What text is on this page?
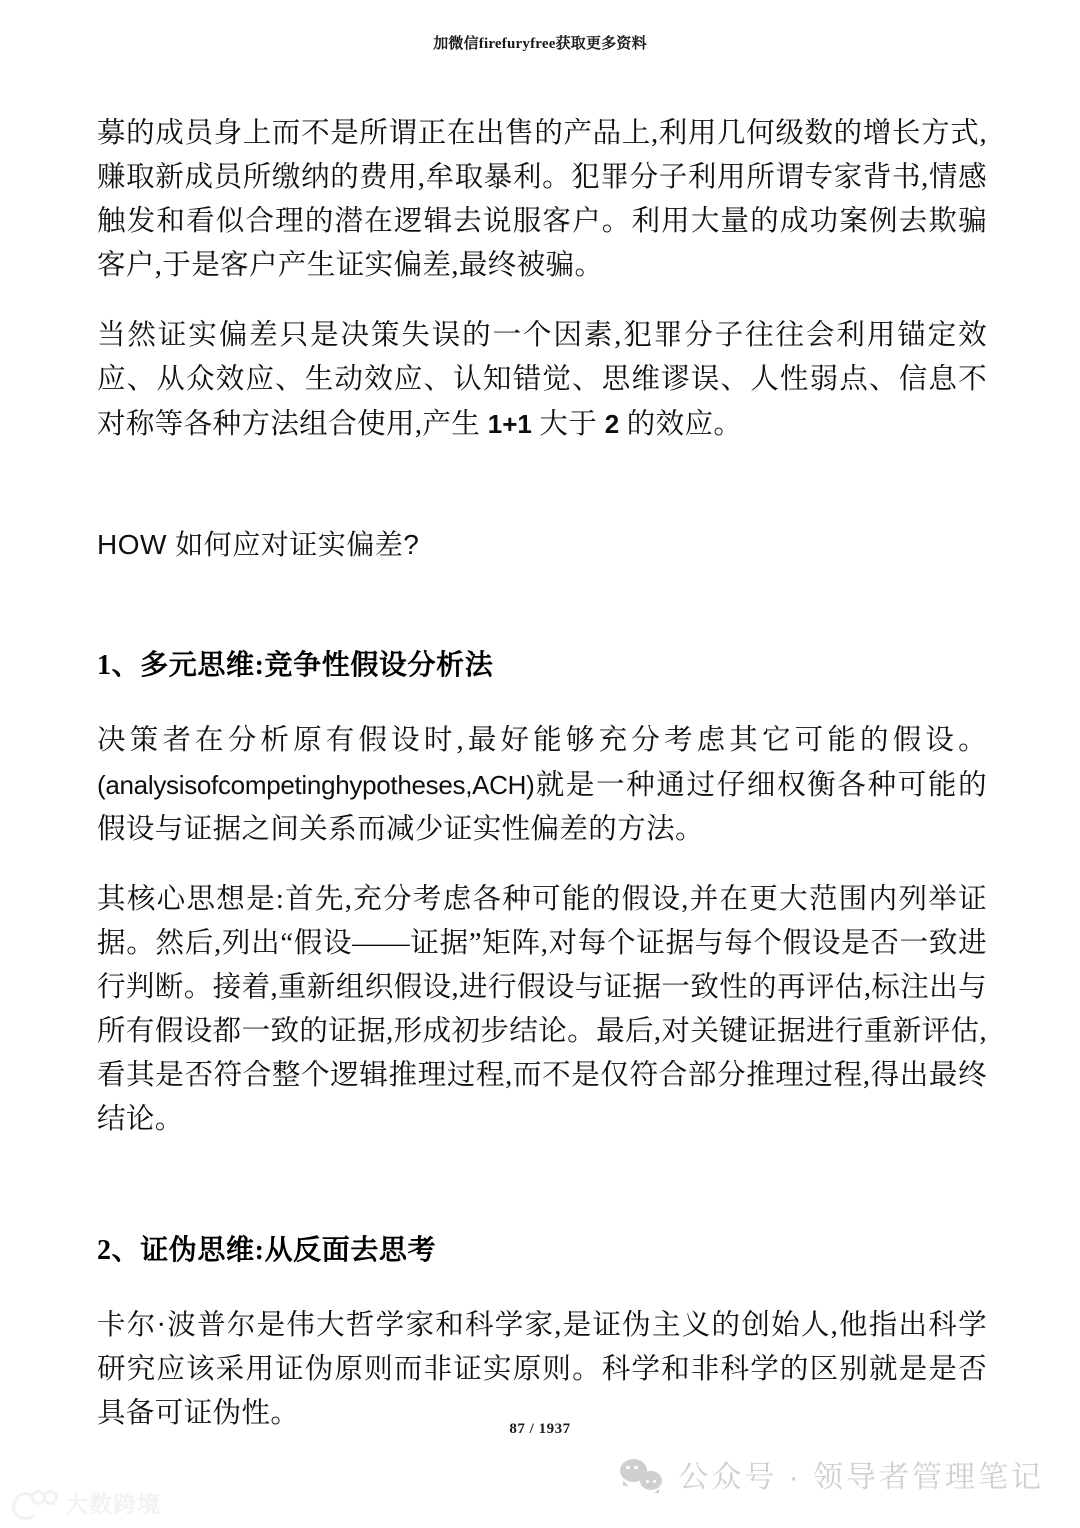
加微信firefuryfree获取更多资料

募的成员身上而不是所谓正在出售的产品上,利用几何级数的增长方式,赚取新成员所缴纳的费用,牟取暴利。犯罪分子利用所谓专家背书,情感触发和看似合理的潜在逻辑去说服客户。利用大量的成功案例去欺骗客户,于是客户产生证实偏差,最终被骗。

当然证实偏差只是决策失误的一个因素,犯罪分子往往会利用锚定效应、从众效应、生动效应、认知错觉、思维谬误、人性弱点、信息不对称等各种方法组合使用,产生 1+1 大于 2 的效应。

HOW 如何应对证实偏差?

1、多元思维:竞争性假设分析法

决策者在分析原有假设时,最好能够充分考虑其它可能的假设。(analysisofcompetinghypotheses,ACH)就是一种通过仔细权衡各种可能的假设与证据之间关系而减少证实性偏差的方法。

其核心思想是:首先,充分考虑各种可能的假设,并在更大范围内列举证据。然后,列出“假设——证据”矩阵,对每个证据与每个假设是否一致进行判断。接着,重新组织假设,进行假设与证据一致性的再评估,标注出与所有假设都一致的证据,形成初步结论。最后,对关键证据进行重新评估,看其是否符合整个逻辑推理过程,而不是仅符合部分推理过程,得出最终结论。

2、证伪思维:从反面去思考

卡尔·波普尔是伟大哲学家和科学家,是证伪主义的创始人,他指出科学研究应该采用证伪原则而非证实原则。科学和非科学的区别就是是否具备可证伪性。	87 / 1937
公众号 · 领导者管理笔记
大数跨境
